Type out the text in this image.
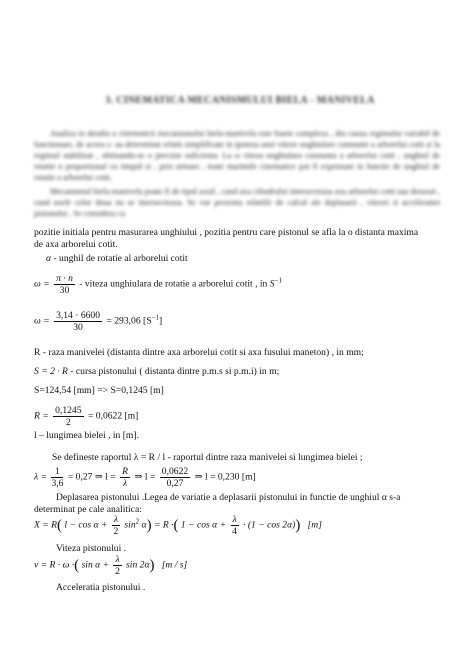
3. CINEMATICA MECANISMULUI BIELA - MANIVELA
Analiza in detaliu a cinematicii mecanismului biela-manivela este foarte complexa , din cauza regimului variabil de functionare, de aceea s- au determinat relatii simplificate in ipoteza unei viteze unghiulare constante a arborelui cotit si la regimul stabilizat , obtinandu-se o precizie suficienta. La ω viteza unghiulara constanta a arborelui cotit , unghiul de rotatie α proportional cu timpul si , prin urmare , toate marimile cinematice pot fi exprimate in functie de unghiul de rotatie a arborelui cotit.
Mecanismul biela-manivela poate fi de tipul axial , cand axa cilindrului intersecteaza axa arborelui cotit sau dezaxat , cand axele celor doua nu se intersecteaza. Se vor prezenta relatiile de calcul ale deplasarii , vitezei si acceleratiei pistonului . Se considera ca
pozitie initiala pentru masurarea unghiului , pozitia pentru care pistonul se afla la o distanta maxima
de axa arborelui cotit.
α - unghil de rotatie al arborelui cotit
$\omega = \frac{\pi \cdot n}{30}$ - viteza unghiulara de rotatie a arborelui cotit , in $S^{-1}$
$\omega = \frac{3,14 \cdot 6600}{30} = 293,06$ $[S^{-1}]$
R - raza manivelei (distanta dintre axa arborelui cotit si axa fusului maneton) , in mm;
S = 2 · R - cursa pistonului ( distanta dintre p.m.s si p.m.i) in m;
S=124,54 [mm] => S=0,1245 [m]
$R = \frac{0,1245}{2} = 0,0622$ [m]
l – lungimea bielei , in [m].
Se defineste raportul λ = R / l - raportul dintre raza manivelei si lungimea bielei ;
$\lambda = \frac{1}{3,6} = 0,27$ ⇒ $l = \frac{R}{\lambda}$ ⇒ $l = \frac{0,0622}{0,27}$ ⇒ l = 0,230 [m]
Deplasarea pistonului .Legea de variatie a deplasarii pistonului in functie de unghiul α s-a
determinat pe cale analitica:
X = R( $l - \cos \alpha + \frac{\lambda}{2} \sin^2 \alpha) = R$ ·( $1 - \cos \alpha + \frac{\lambda}{4} \cdot (1 - \cos 2\alpha)$) [m]
Viteza pistonului .
v = R · ω ·( $\sin \alpha + \frac{\lambda}{2}$ sin 2α) [m / s]
Acceleratia pistonului .
